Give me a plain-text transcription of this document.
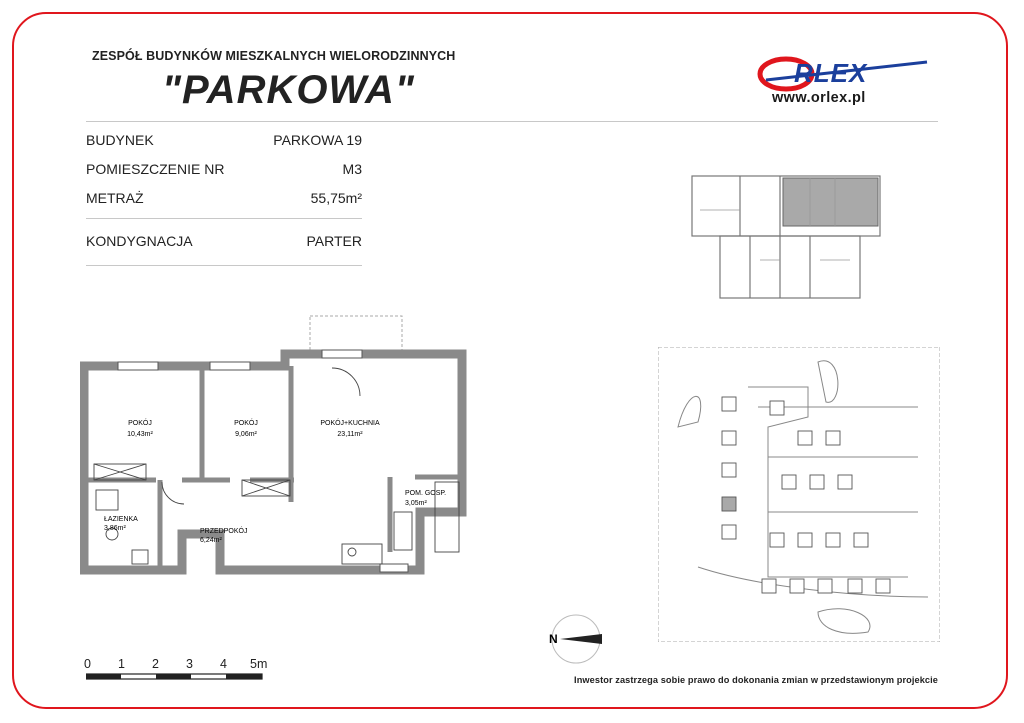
ZESPÓŁ BUDYNKÓW MIESZKALNYCH WIELORODZINNYCH
"PARKOWA"	RLEX
www.orlex.pl
BUDYNEK	PARKOWA 19
POMIESZCZENIE NR	M3
METRAŻ	55,75m²
KONDYGNACJA	PARTER
POKÓJ
10,43m²
POKÓJ
9,06m²
POKÓJ+KUCHNIA
23,11m²
POM. GOSP.
3,05m²
ŁAZIENKA
3,86m²	PRZEDPOKÓJ
6,24m²
N
0 1 2 3 4 5m
Inwestor zastrzega sobie prawo do dokonania zmian w przedstawionym projekcie
